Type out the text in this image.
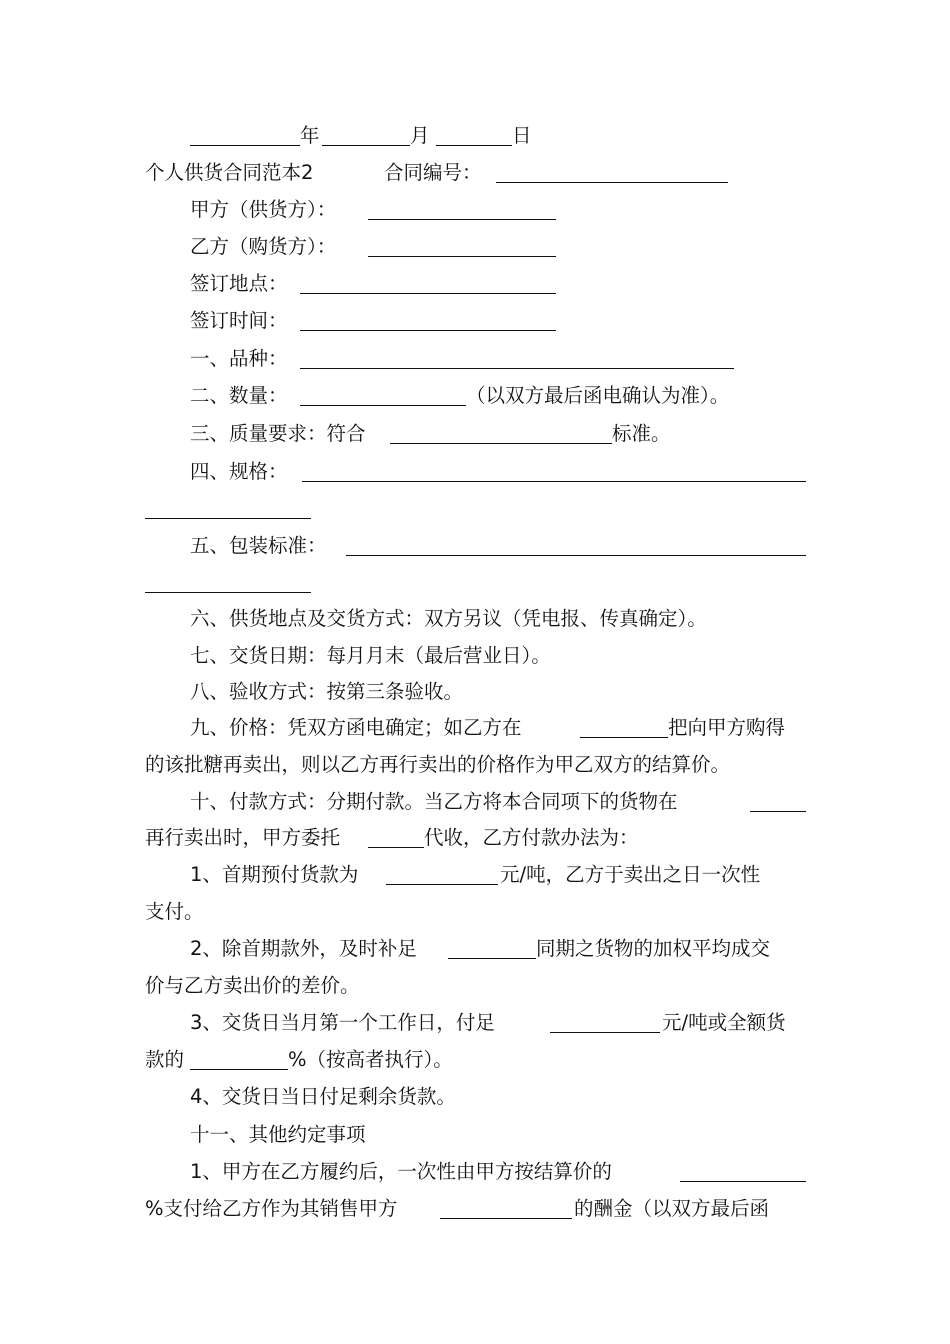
年	月	日
个人供货合同范本2	合同编号：
甲方（供货方）：
乙方（购货方）：
签订地点：
签订时间：
一、品种：
二、数量：	（以双方最后函电确认为准）。
三、质量要求：符合	标准。
四、规格：
五、包装标准：
六、供货地点及交货方式：双方另议（凭电报、传真确定）。
七、交货日期：每月月末（最后营业日）。
八、验收方式：按第三条验收。
九、价格：凭双方函电确定；如乙方在	把向甲方购得
的该批糖再卖出，则以乙方再行卖出的价格作为甲乙双方的结算价。
十、付款方式：分期付款。当乙方将本合同项下的货物在
再行卖出时，甲方委托	代收，乙方付款办法为：
1、首期预付货款为	元/吨，乙方于卖出之日一次性
支付。
2、除首期款外，及时补足	同期之货物的加权平均成交
价与乙方卖出价的差价。
3、交货日当月第一个工作日，付足	元/吨或全额货
款的	%（按高者执行）。
4、交货日当日付足剩余货款。
十一、其他约定事项
1、甲方在乙方履约后，一次性由甲方按结算价的
%支付给乙方作为其销售甲方	的酬金（以双方最后函
